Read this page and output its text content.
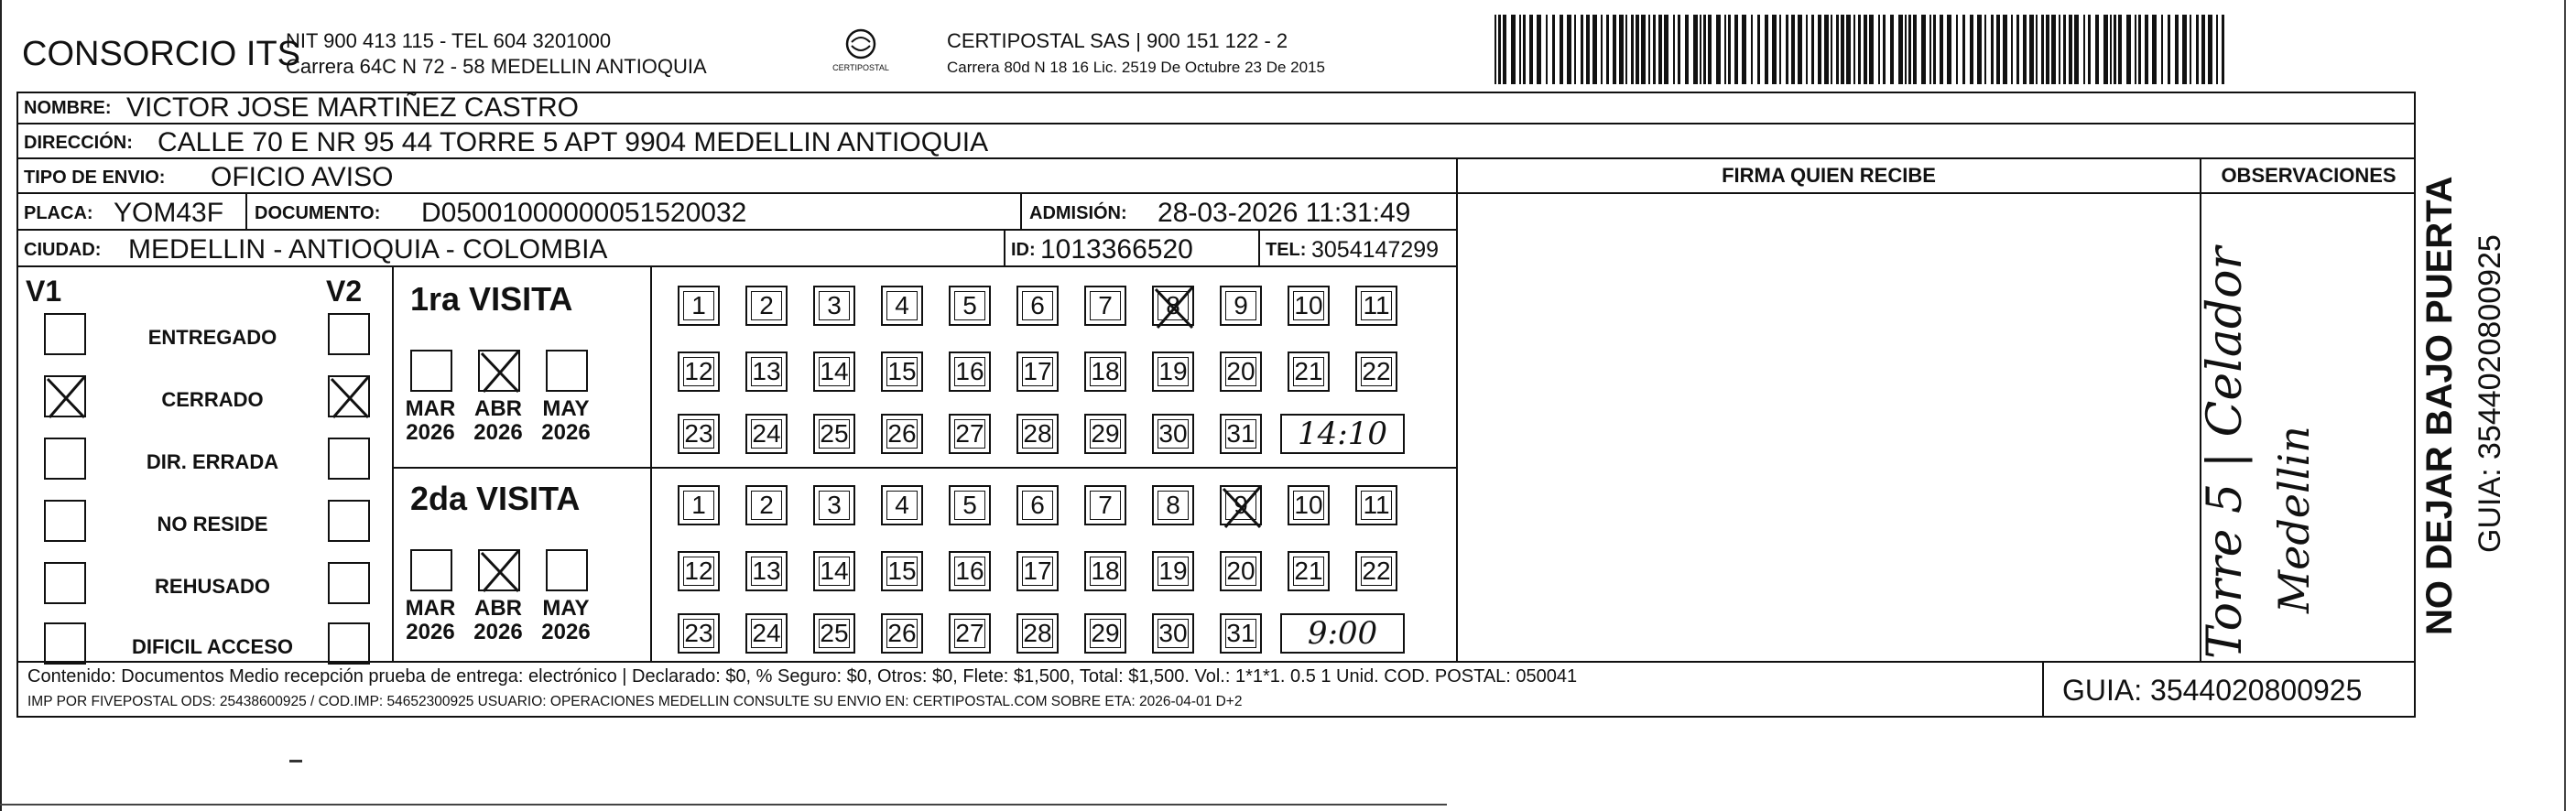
CONSORCIO ITS
NIT 900 413 115 - TEL 604 3201000
Carrera 64C N 72 - 58 MEDELLIN ANTIOQUIA	CERTIPOSTAL
CERTIPOSTAL SAS | 900 151 122 - 2
Carrera 80d N 18 16 Lic. 2519 De Octubre 23 De 2015
NOMBRE: VICTOR JOSE MARTIÑEZ CASTRO
DIRECCIÓN: CALLE 70 E NR 95 44 TORRE 5 APT 9904 MEDELLIN ANTIOQUIA
FIRMA QUIEN RECIBE	OBSERVACIONES
TIPO DE ENVIO: OFICIO AVISO
PLACA: YOM43F DOCUMENTO: D05001000000051520032	ADMISIÓN: 28-03-2026 11:31:49
CIUDAD: MEDELLIN - ANTIOQUIA - COLOMBIA	ID: 1013366520	TEL: 3054147299
V1	V2
ENTREGADO
CERRADO
DIR. ERRADA
NO RESIDE
REHUSADO
DIFICIL ACCESO
1ra VISITA
MAR
2026
ABR
2026
MAY
2026
1	2	3	4	5	6	7	8	9	10	11
12 13 14 15 16 17 18 19 20 21 22
23 24 25 26 27 28 29 30 31	14:10
2da VISITA
MAR
2026
ABR
2026
MAY
2026
1	2	3	4	5	6	7	8	9	10	11
12 13 14 15 16 17 18 19 20 21 22
23 24 25 26 27 28 29 30 31	9:00
Contenido: Documentos Medio recepción prueba de entrega: electrónico | Declarado: $0, % Seguro: $0, Otros: $0, Flete: $1,500, Total: $1,500. Vol.: 1*1*1. 0.5 1 Unid. COD. POSTAL: 050041
IMP POR FIVEPOSTAL ODS: 25438600925 / COD.IMP: 54652300925 USUARIO: OPERACIONES MEDELLIN CONSULTE SU ENVIO EN: CERTIPOSTAL.COM SOBRE ETA: 2026-04-01 D+2	GUIA: 3544020800925
NO DEJAR BAJO PUERTA GUIA: 3544020800925
Torre 5 | Celador Medellin
